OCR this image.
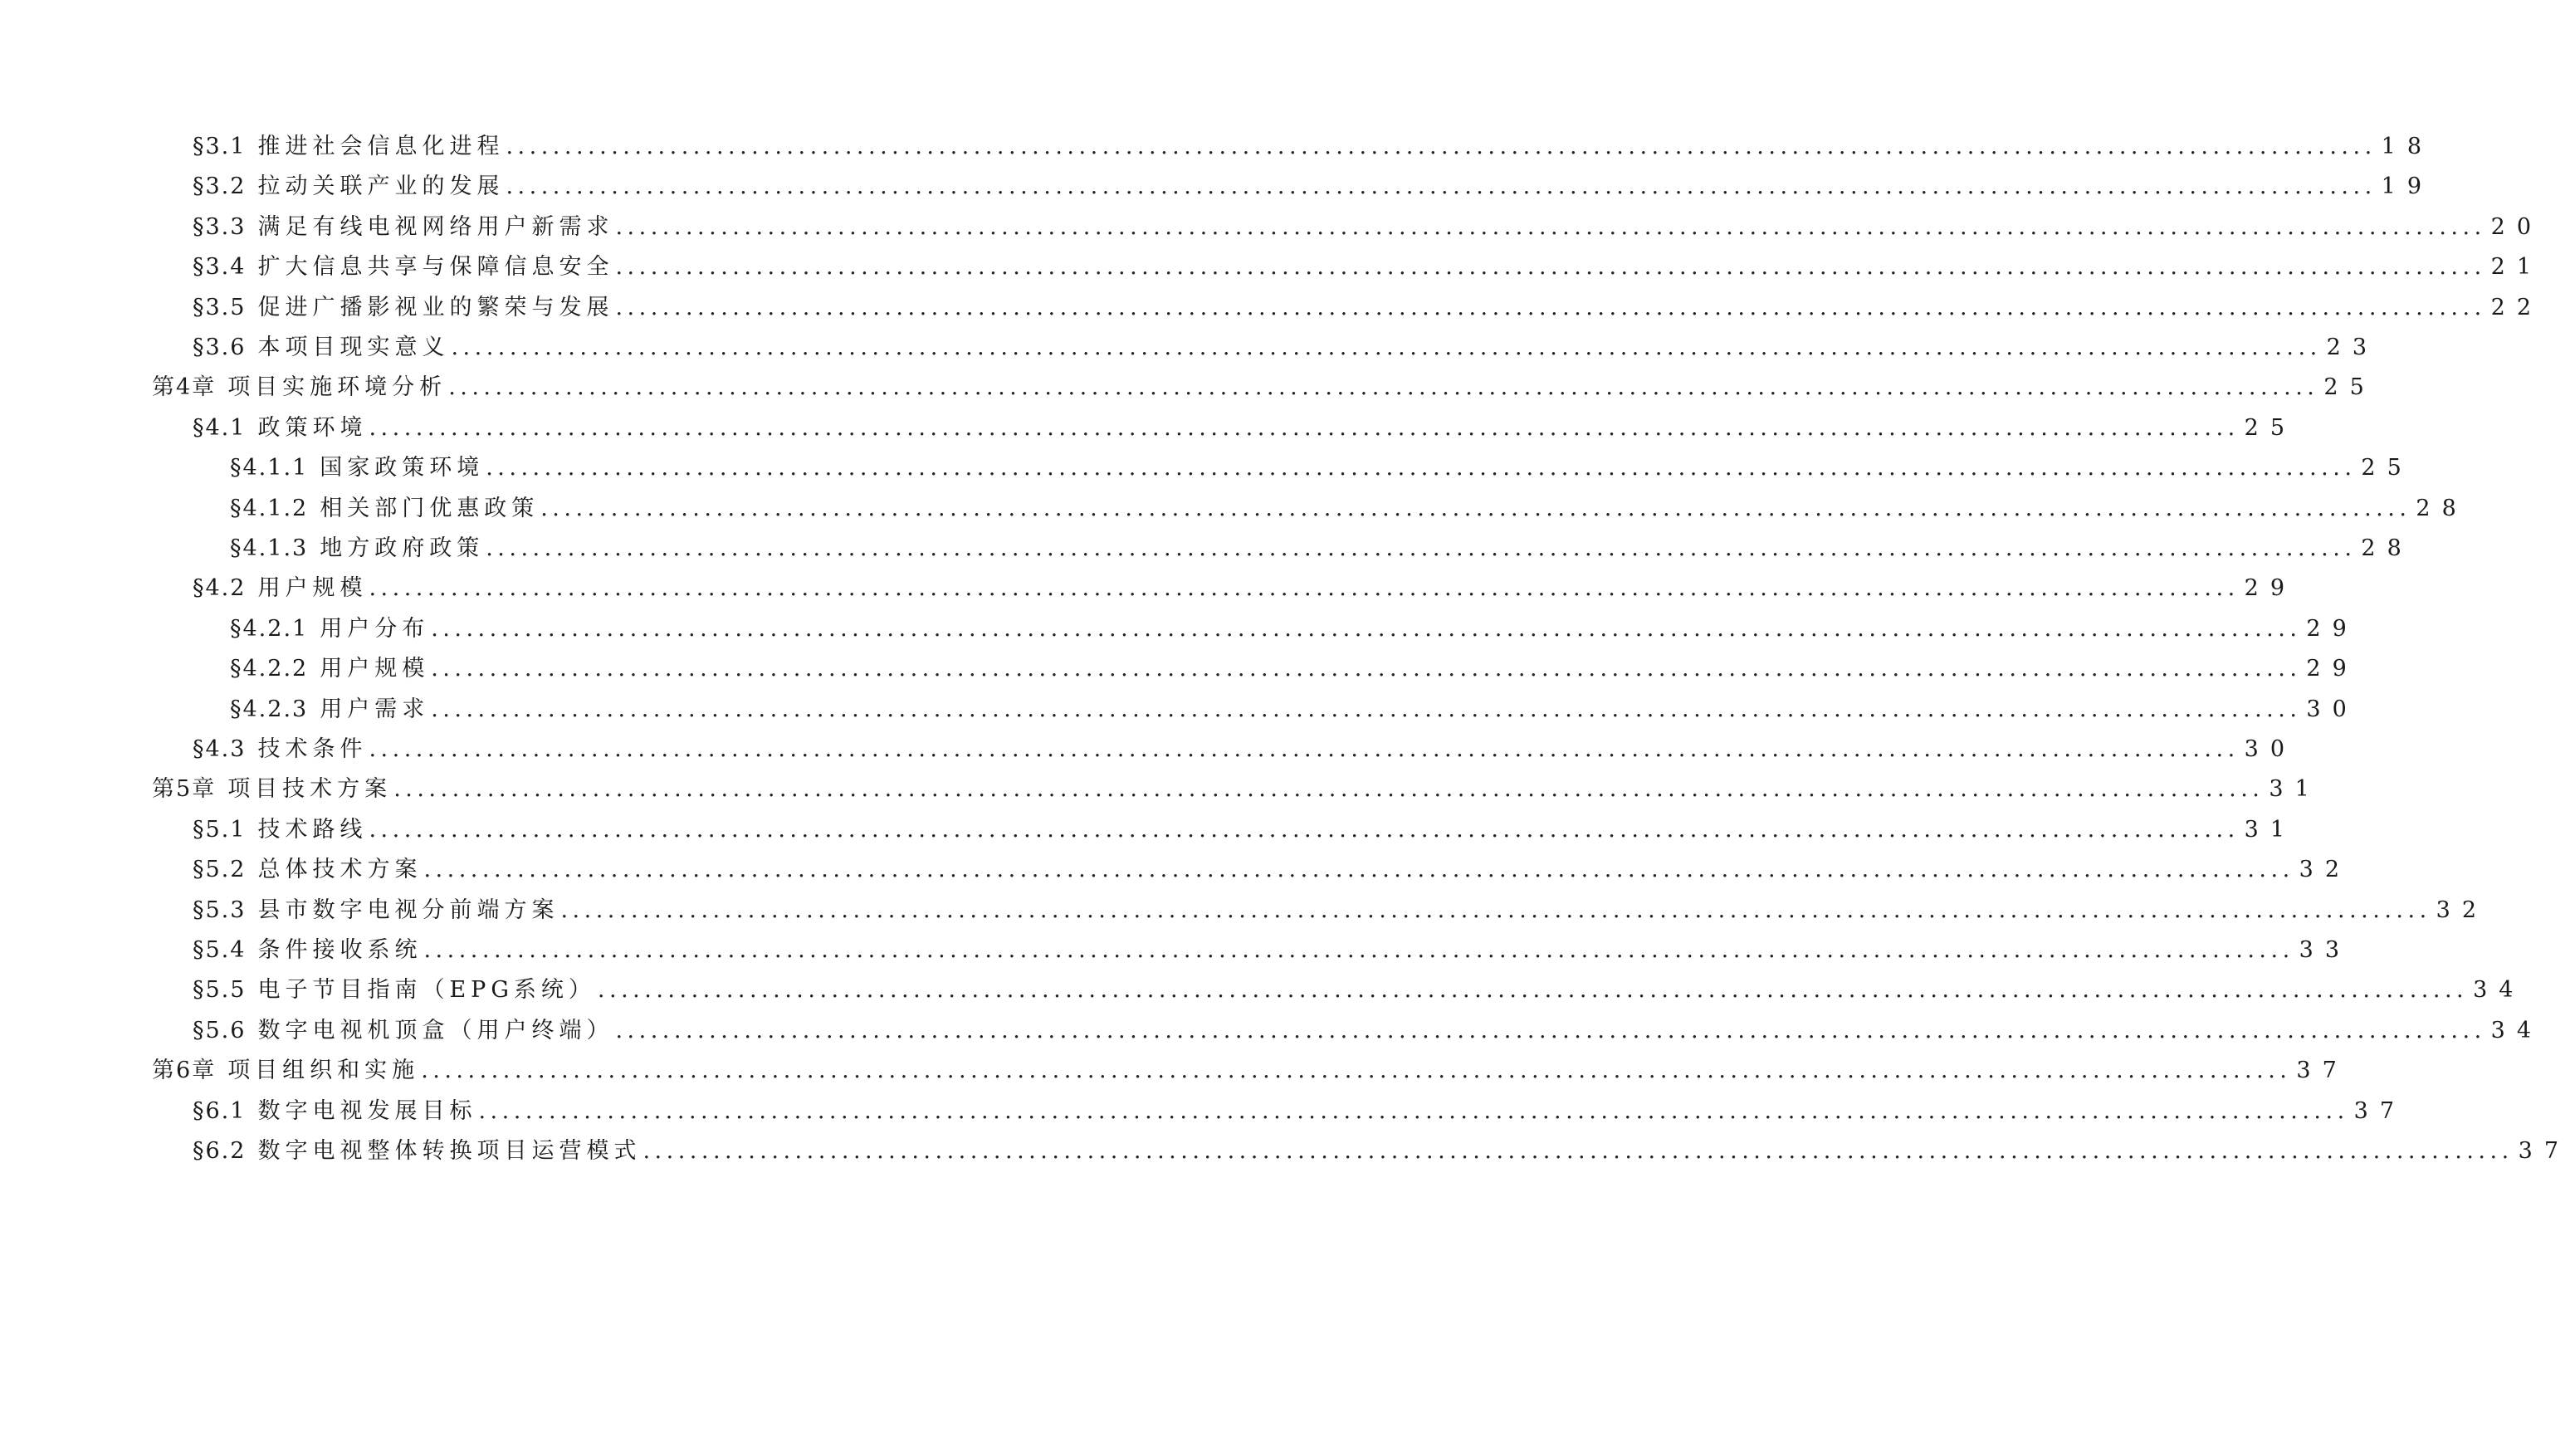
§3.1 推进社会信息化进程 ................................................................................................................................................................ 18
§3.2 拉动关联产业的发展 ................................................................................................................................................................ 19
§3.3 满足有线电视网络用户新需求 ................................................................................................................................................................ 20
§3.4 扩大信息共享与保障信息安全 ................................................................................................................................................................ 21
§3.5 促进广播影视业的繁荣与发展 ................................................................................................................................................................ 22
§3.6 本项目现实意义 ................................................................................................................................................................ 23
第4章 项目实施环境分析 ................................................................................................................................................................ 25
§4.1 政策环境 ................................................................................................................................................................ 25
§4.1.1 国家政策环境 ................................................................................................................................................................ 25
§4.1.2 相关部门优惠政策 ................................................................................................................................................................ 28
§4.1.3 地方政府政策 ................................................................................................................................................................ 28
§4.2 用户规模 ................................................................................................................................................................ 29
§4.2.1 用户分布 ................................................................................................................................................................ 29
§4.2.2 用户规模 ................................................................................................................................................................ 29
§4.2.3 用户需求 ................................................................................................................................................................ 30
§4.3 技术条件 ................................................................................................................................................................ 30
第5章 项目技术方案 ................................................................................................................................................................ 31
§5.1 技术路线 ................................................................................................................................................................ 31
§5.2 总体技术方案 ................................................................................................................................................................ 32
§5.3 县市数字电视分前端方案 ................................................................................................................................................................ 32
§5.4 条件接收系统 ................................................................................................................................................................ 33
§5.5 电子节目指南（EPG系统） ................................................................................................................................................................ 34
§5.6 数字电视机顶盒（用户终端） ................................................................................................................................................................ 34
第6章 项目组织和实施 ................................................................................................................................................................ 37
§6.1 数字电视发展目标 ................................................................................................................................................................ 37
§6.2 数字电视整体转换项目运营模式 ................................................................................................................................................................ 37
